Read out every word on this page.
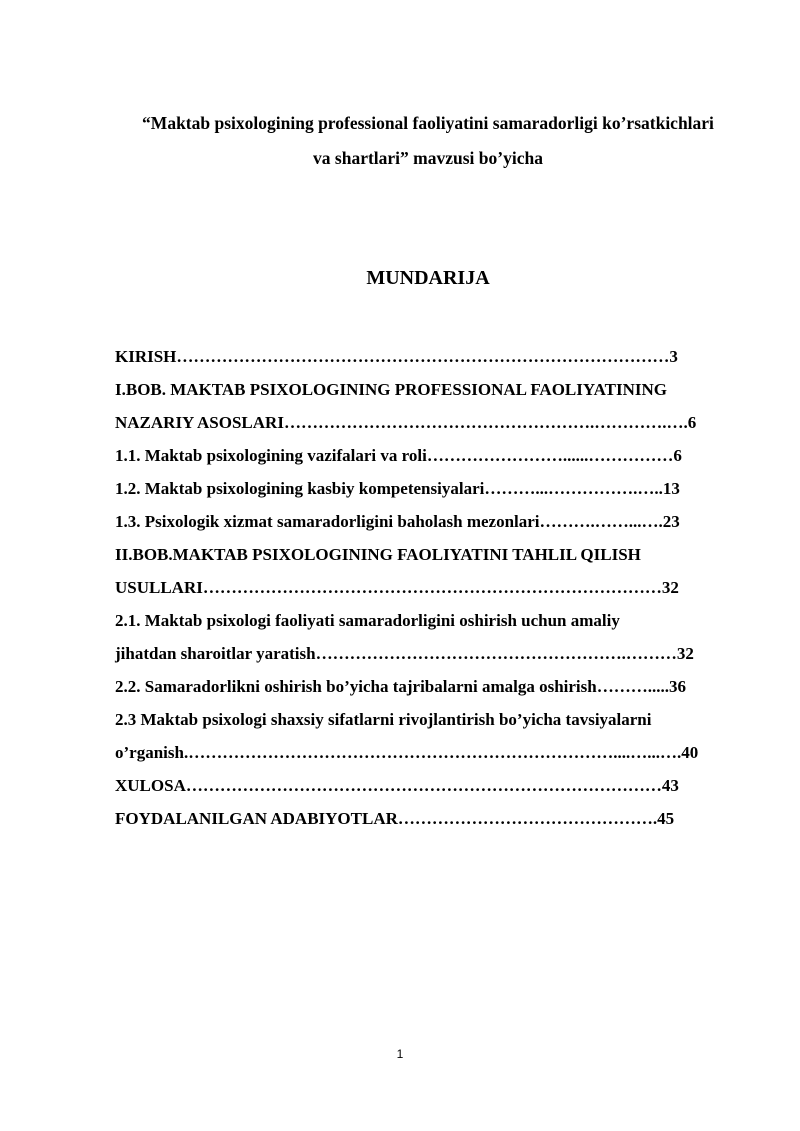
“Maktab psixologining professional faoliyatini samaradorligi ko’rsatkichlari
va shartlari” mavzusi bo’yicha
MUNDARIJA
KIRISH……………………………………………………………………………3
I.BOB. MAKTAB PSIXOLOGINING PROFESSIONAL FAOLIYATINING
NAZARIY ASOSLARI……………………………………………….………….….6
1.1. Maktab psixologining vazifalari va roli……………………......……………6
1.2. Maktab psixologining kasbiy kompetensiyalari………...…………….…..13
1.3. Psixologik xizmat samaradorligini baholash mezonlari……….……...….23
II.BOB.MAKTAB PSIXOLOGINING FAOLIYATINI TAHLIL QILISH
USULLARI………………………………………………………………………32
2.1. Maktab psixologi faoliyati samaradorligini oshirish uchun amaliy
jihatdan sharoitlar yaratish……………………………………………….………32
2.2. Samaradorlikni oshirish bo’yicha tajribalarni amalga oshirish……….....36
2.3 Maktab psixologi shaxsiy sifatlarni rivojlantirish bo’yicha tavsiyalarni
o’rganish.…………………………………………………………………....…...….40
XULOSA…………………………………………………………………………43
FOYDALANILGAN ADABIYOTLAR……………………………………….45
1
